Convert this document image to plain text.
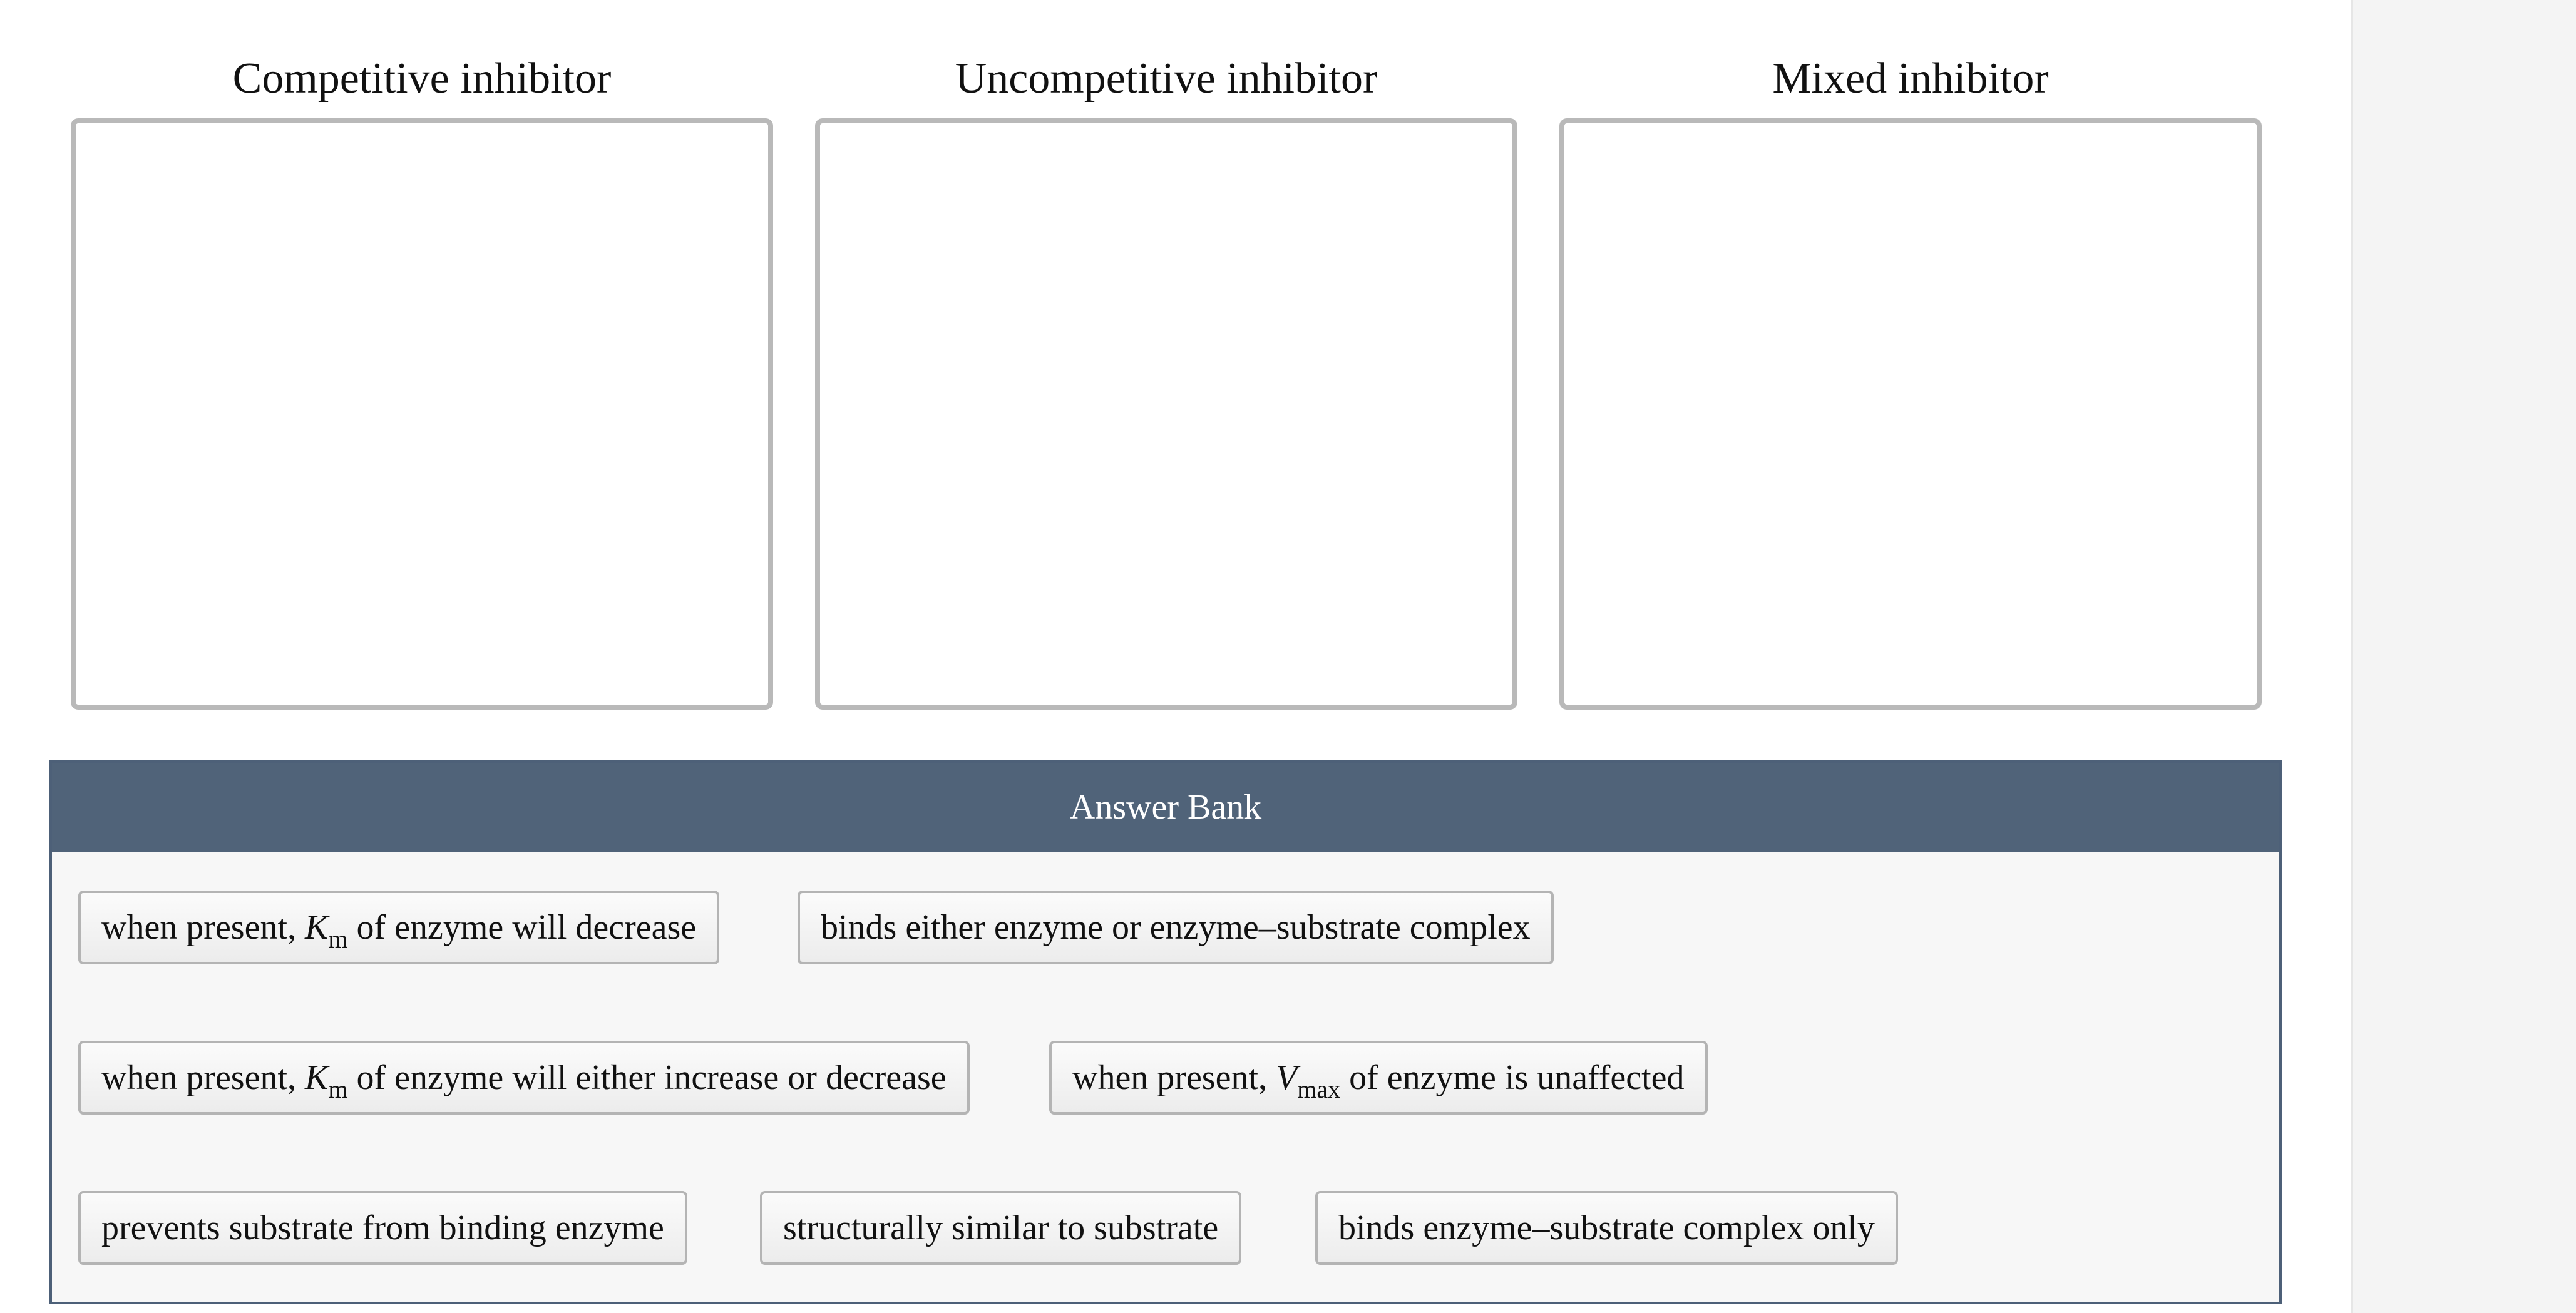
Competitive inhibitor	Uncompetitive inhibitor	Mixed inhibitor
Answer Bank
when present, $K_m$ of enzyme will decrease	binds either enzyme or enzyme–substrate complex
when present, $K_m$ of enzyme will either increase or decrease	when present, $V_{max}$ of enzyme is unaffected
prevents substrate from binding enzyme	structurally similar to substrate	binds enzyme–substrate complex only
